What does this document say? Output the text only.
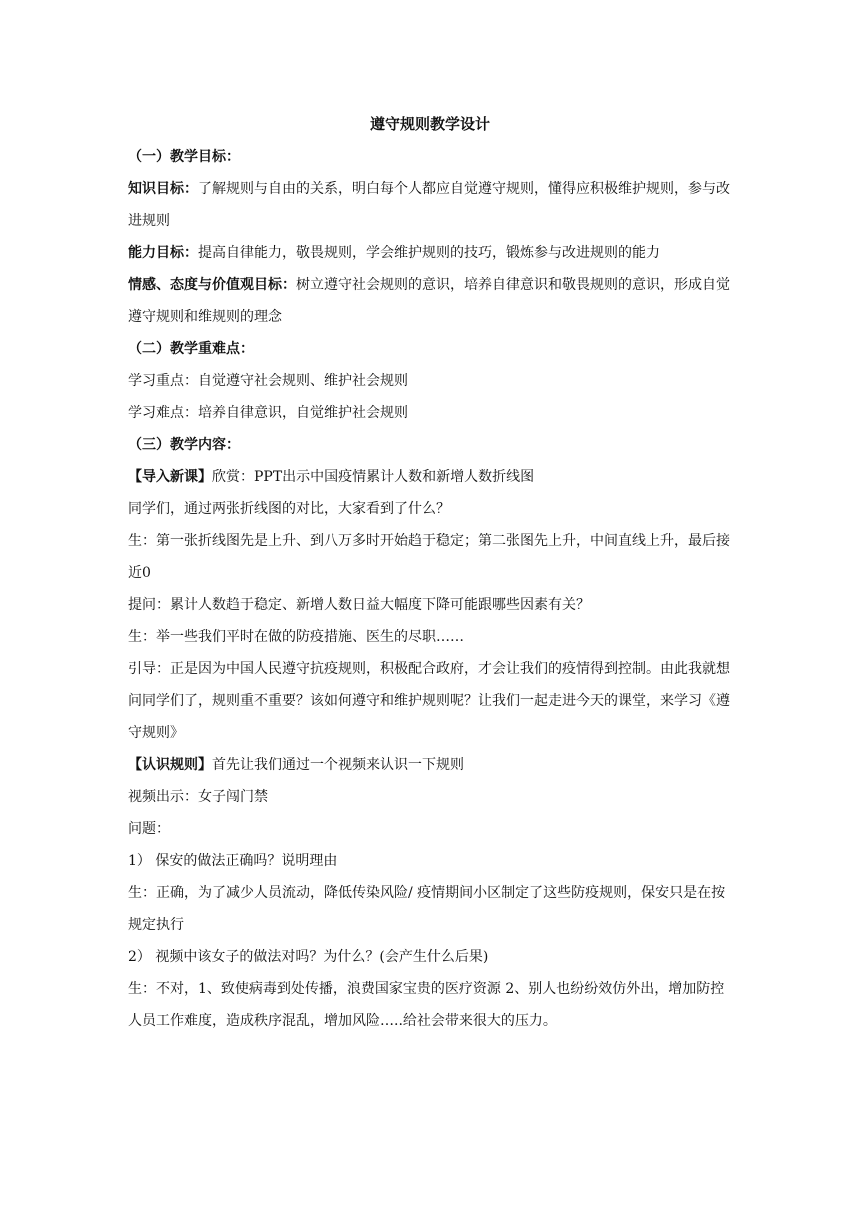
遵守规则教学设计

（一）教学目标：

知识目标：了解规则与自由的关系，明白每个人都应自觉遵守规则，懂得应积极维护规则，参与改进规则

能力目标：提高自律能力，敬畏规则，学会维护规则的技巧，锻炼参与改进规则的能力

情感、态度与价值观目标：树立遵守社会规则的意识，培养自律意识和敬畏规则的意识，形成自觉遵守规则和维规则的理念

（二）教学重难点：

学习重点：自觉遵守社会规则、维护社会规则

学习难点：培养自律意识，自觉维护社会规则

（三）教学内容：

【导入新课】欣赏：PPT出示中国疫情累计人数和新增人数折线图

同学们，通过两张折线图的对比，大家看到了什么？

生：第一张折线图先是上升、到八万多时开始趋于稳定；第二张图先上升，中间直线上升，最后接近0

提问：累计人数趋于稳定、新增人数日益大幅度下降可能跟哪些因素有关？

生：举一些我们平时在做的防疫措施、医生的尽职……

引导：正是因为中国人民遵守抗疫规则，积极配合政府，才会让我们的疫情得到控制。由此我就想问同学们了，规则重不重要？该如何遵守和维护规则呢？让我们一起走进今天的课堂，来学习《遵守规则》

【认识规则】首先让我们通过一个视频来认识一下规则

视频出示：女子闯门禁

问题：

1） 保安的做法正确吗？说明理由

生：正确，为了减少人员流动，降低传染风险/ 疫情期间小区制定了这些防疫规则，保安只是在按规定执行

2） 视频中该女子的做法对吗？为什么？(会产生什么后果)

生：不对，1、致使病毒到处传播，浪费国家宝贵的医疗资源 2、别人也纷纷效仿外出，增加防控人员工作难度，造成秩序混乱，增加风险…..给社会带来很大的压力。
